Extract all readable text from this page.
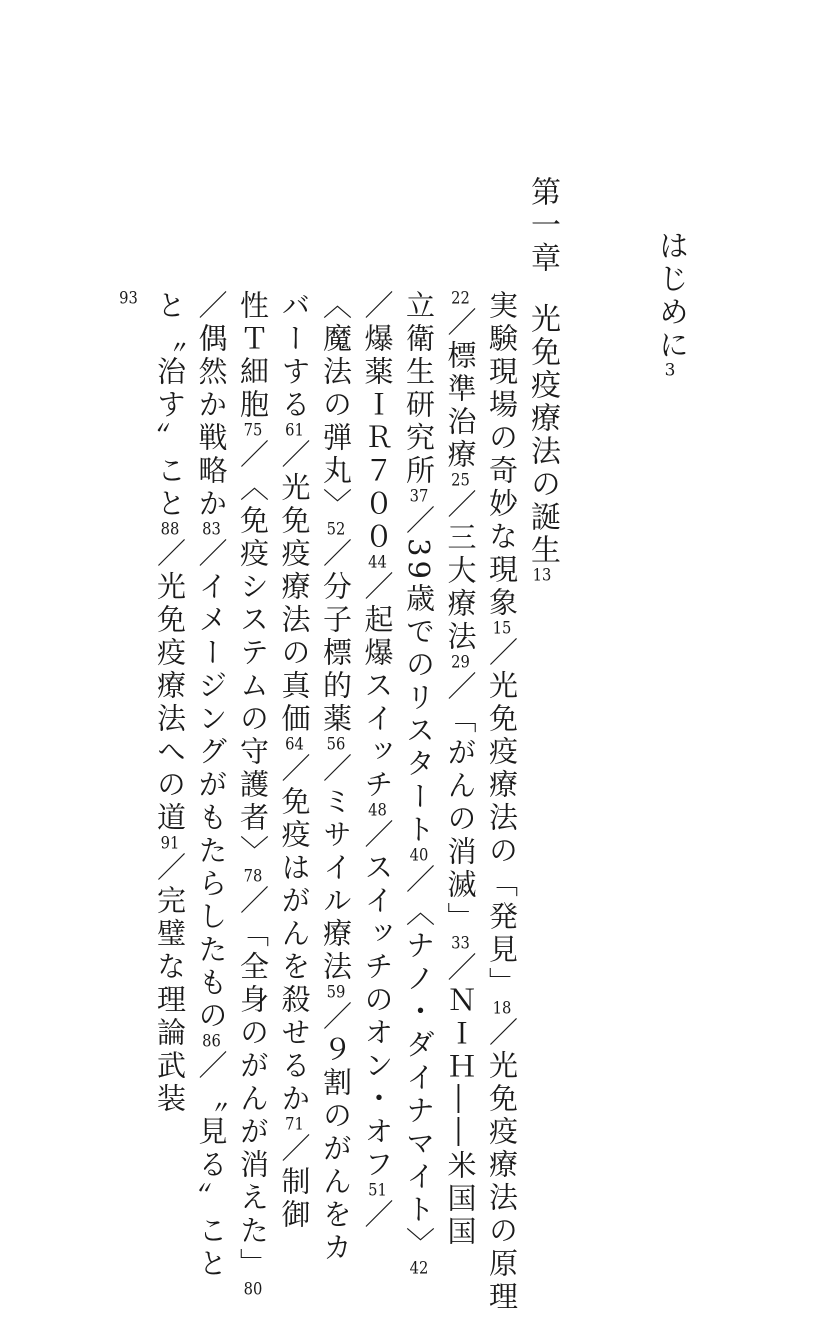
はじめに3
第一章光免疫療法の誕生13
実験現場の奇妙な現象15／光免疫療法の「発見」18／光免疫療法の原理
22／標準治療25／三大療法29／「がんの消滅」33／ＮＩＨ――米国国
立衛生研究所37／39歳でのリスタート40／〈ナノ・ダイナマイト〉42
／爆薬ＩＲ７００44／起爆スイッチ48／スイッチのオン・オフ51／
〈魔法の弾丸〉52／分子標的薬56／ミサイル療法59／９割のがんをカ
バーする61／光免疫療法の真価64／免疫はがんを殺せるか71／制御
性Ｔ細胞75／〈免疫システムの守護者〉78／「全身のがんが消えた」80
／偶然か戦略か83／イメージングがもたらしたもの86／〝見る〟こと
と〝治す〟こと88／光免疫療法への道91／完璧な理論武装
93
